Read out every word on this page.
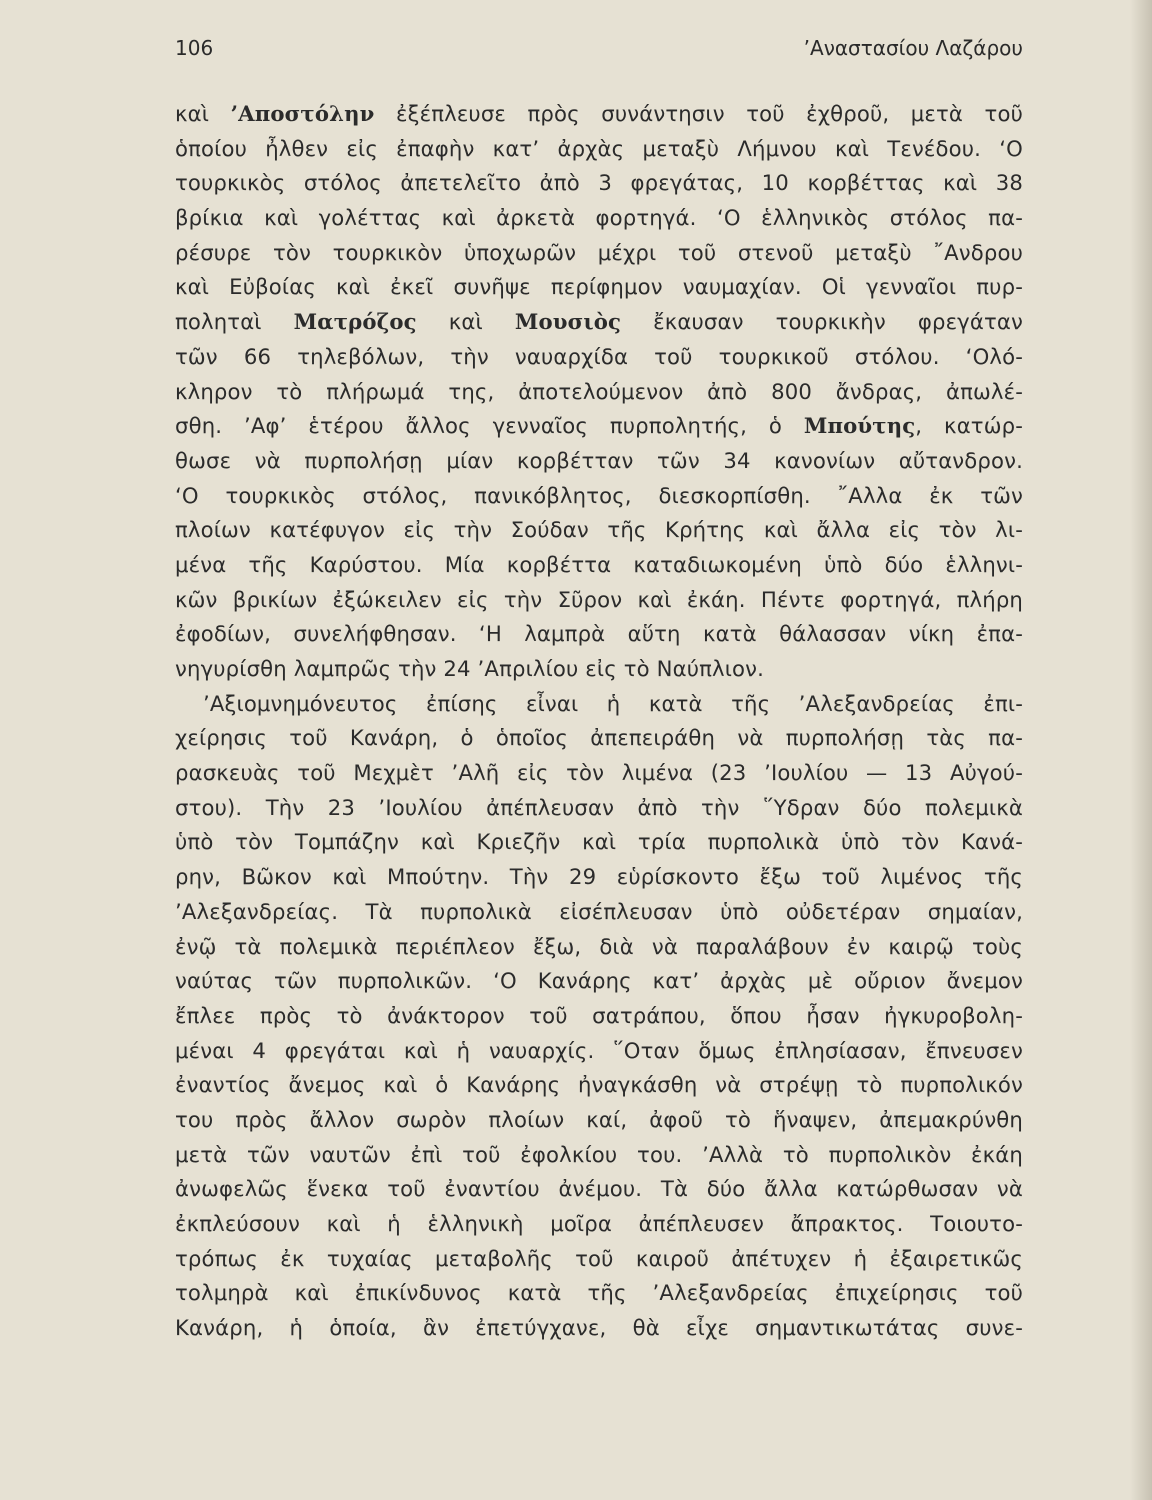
106	’Αναστασίου Λαζάρου
καὶ ’Αποστόλην ἐξέπλευσε πρὸς συνάντησιν τοῦ ἐχθροῦ, μετὰ τοῦ
ὁποίου ἦλθεν εἰς ἐπαφὴν κατ’ ἀρχὰς μεταξὺ Λήμνου καὶ Τενέδου. ‘Ο
τουρκικὸς στόλος ἀπετελεῖτο ἀπὸ 3 φρεγάτας, 10 κορβέττας καὶ 38
βρίκια καὶ γολέττας καὶ ἀρκετὰ φορτηγά. ‘Ο ἑλληνικὸς στόλος πα-
ρέσυρε τὸν τουρκικὸν ὑποχωρῶν μέχρι τοῦ στενοῦ μεταξὺ ῎Ανδρου
καὶ Εὐβοίας καὶ ἐκεῖ συνῆψε περίφημον ναυμαχίαν. Οἱ γενναῖοι πυρ-
ποληταὶ Ματρόζος καὶ Μουσιὸς ἔκαυσαν τουρκικὴν φρεγάταν
τῶν 66 τηλεβόλων, τὴν ναυαρχίδα τοῦ τουρκικοῦ στόλου. ‘Ολό-
κληρον τὸ πλήρωμά της, ἀποτελούμενον ἀπὸ 800 ἄνδρας, ἀπωλέ-
σθη. ’Αφ’ ἑτέρου ἄλλος γενναῖος πυρπολητής, ὁ Μπούτης, κατώρ-
θωσε νὰ πυρπολήσῃ μίαν κορβέτταν τῶν 34 κανονίων αὔτανδρον.
‘Ο τουρκικὸς στόλος, πανικόβλητος, διεσκορπίσθη. ῎Αλλα ἐκ τῶν
πλοίων κατέφυγον εἰς τὴν Σούδαν τῆς Κρήτης καὶ ἄλλα εἰς τὸν λι-
μένα τῆς Καρύστου. Μία κορβέττα καταδιωκομένη ὑπὸ δύο ἑλληνι-
κῶν βρικίων ἐξώκειλεν εἰς τὴν Σῦρον καὶ ἐκάη. Πέντε φορτηγά, πλήρη
ἐφοδίων, συνελήφθησαν. ‘Η λαμπρὰ αὕτη κατὰ θάλασσαν νίκη ἐπα-
νηγυρίσθη λαμπρῶς τὴν 24 ’Απριλίου εἰς τὸ Ναύπλιον.
’Αξιομνημόνευτος ἐπίσης εἶναι ἡ κατὰ τῆς ’Αλεξανδρείας ἐπι-
χείρησις τοῦ Κανάρη, ὁ ὁποῖος ἀπεπειράθη νὰ πυρπολήσῃ τὰς πα-
ρασκευὰς τοῦ Μεχμὲτ ’Αλῆ εἰς τὸν λιμένα (23 ’Ιουλίου — 13 Αὐγού-
στου). Τὴν 23 ’Ιουλίου ἀπέπλευσαν ἀπὸ τὴν ῞Υδραν δύο πολεμικὰ
ὑπὸ τὸν Τομπάζην καὶ Κριεζῆν καὶ τρία πυρπολικὰ ὑπὸ τὸν Κανά-
ρην, Βῶκον καὶ Μπούτην. Τὴν 29 εὑρίσκοντο ἔξω τοῦ λιμένος τῆς
’Αλεξανδρείας. Τὰ πυρπολικὰ εἰσέπλευσαν ὑπὸ οὐδετέραν σημαίαν,
ἐνῷ τὰ πολεμικὰ περιέπλεον ἔξω, διὰ νὰ παραλάβουν ἐν καιρῷ τοὺς
ναύτας τῶν πυρπολικῶν. ‘Ο Κανάρης κατ’ ἀρχὰς μὲ οὔριον ἄνεμον
ἔπλεε πρὸς τὸ ἀνάκτορον τοῦ σατράπου, ὅπου ἦσαν ἠγκυροβολη-
μέναι 4 φρεγάται καὶ ἡ ναυαρχίς. ῞Οταν ὅμως ἐπλησίασαν, ἔπνευσεν
ἐναντίος ἄνεμος καὶ ὁ Κανάρης ἠναγκάσθη νὰ στρέψῃ τὸ πυρπολικόν
του πρὸς ἄλλον σωρὸν πλοίων καί, ἀφοῦ τὸ ἥναψεν, ἀπεμακρύνθη
μετὰ τῶν ναυτῶν ἐπὶ τοῦ ἐφολκίου του. ’Αλλὰ τὸ πυρπολικὸν ἐκάη
ἀνωφελῶς ἕνεκα τοῦ ἐναντίου ἀνέμου. Τὰ δύο ἄλλα κατώρθωσαν νὰ
ἐκπλεύσουν καὶ ἡ ἑλληνικὴ μοῖρα ἀπέπλευσεν ἄπρακτος. Τοιουτο-
τρόπως ἐκ τυχαίας μεταβολῆς τοῦ καιροῦ ἀπέτυχεν ἡ ἐξαιρετικῶς
τολμηρὰ καὶ ἐπικίνδυνος κατὰ τῆς ’Αλεξανδρείας ἐπιχείρησις τοῦ
Κανάρη, ἡ ὁποία, ἂν ἐπετύγχανε, θὰ εἶχε σημαντικωτάτας συνε-
